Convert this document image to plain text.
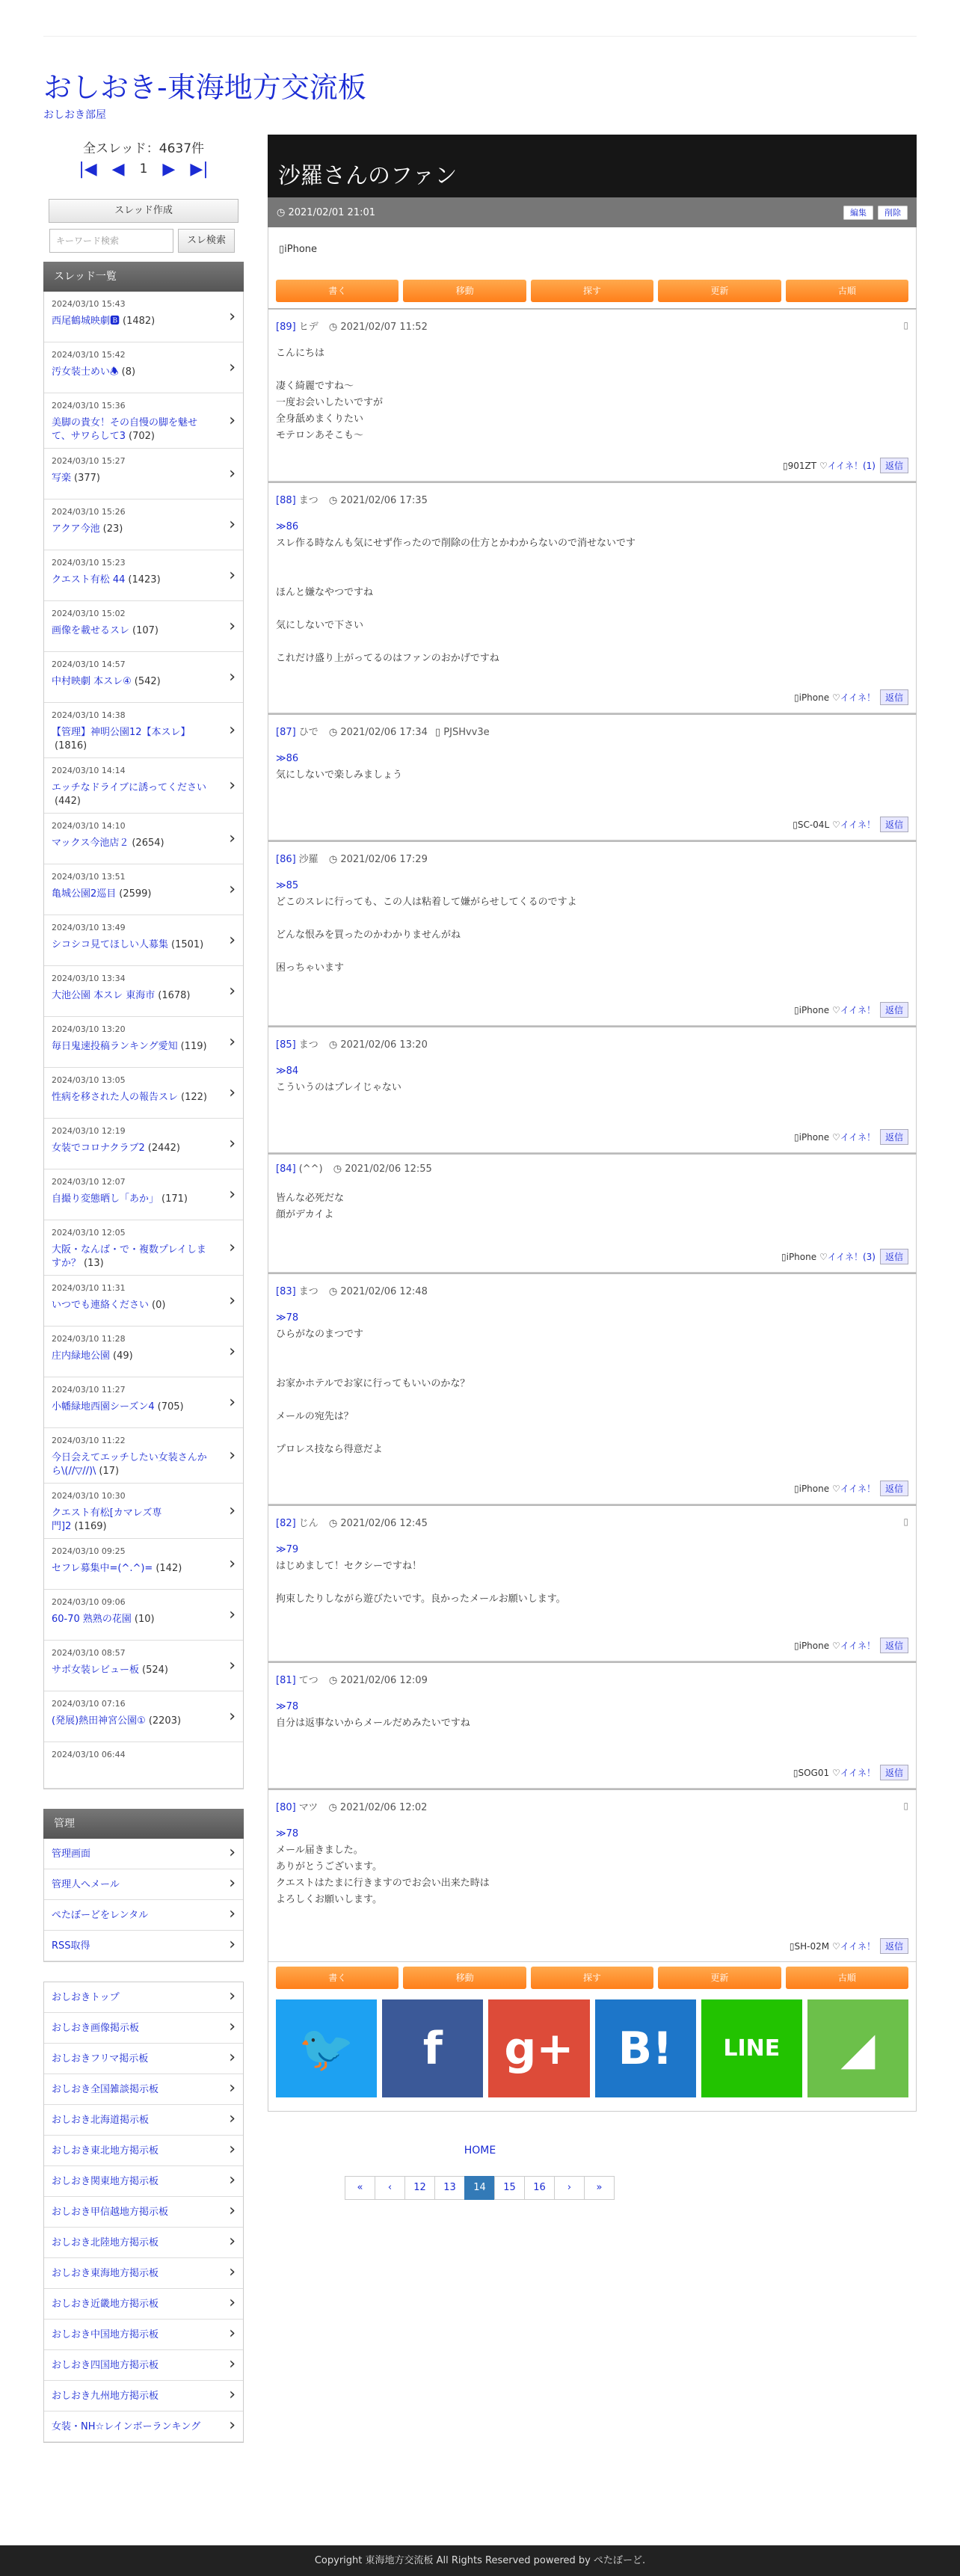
おしおき-東海地方交流板
おしおき部屋
全スレッド：4637件
|◀ ◀ 1 ▶ ▶|
スレッド作成
キーワード検索	スレ検索
スレッド一覧
2024/03/10 15:43
西尾鶴城映劇🅱 (1482)	›
2024/03/10 15:42
汚女装士めい🕭 (8)	›
2024/03/10 15:36
美脚の貴女！その自慢の脚を魅せて、サワらして3 (702)
›
2024/03/10 15:27
写楽 (377)	›
2024/03/10 15:26
アクア今池 (23)	›
2024/03/10 15:23
クエスト有松 44 (1423)	›
2024/03/10 15:02
画像を載せるスレ (107)	›
2024/03/10 14:57
中村映劇 本スレ④ (542)	›
2024/03/10 14:38
【管理】神明公園12【本スレ】(1816)
›
2024/03/10 14:14
エッチなドライブに誘ってください(442)
›
2024/03/10 14:10
マックス今池店２ (2654)	›
2024/03/10 13:51
亀城公園2巡目 (2599)	›
2024/03/10 13:49
シコシコ見てほしい人募集 (1501)	›
2024/03/10 13:34
大池公園 本スレ 東海市 (1678)	›
2024/03/10 13:20
毎日鬼速投稿ランキング愛知 (119)	›
2024/03/10 13:05
性病を移された人の報告スレ (122)	›
2024/03/10 12:19
女装でコロナクラブ2 (2442)	›
2024/03/10 12:07
自撮り変態晒し「あか」 (171)	›
2024/03/10 12:05
大阪・なんば・で・複数プレイしますか？ (13)
›
2024/03/10 11:31
いつでも連絡ください (0)	›
2024/03/10 11:28
庄内緑地公園 (49)	›
2024/03/10 11:27
小幡緑地西園シーズン4 (705)	›
2024/03/10 11:22
今日会えてエッチしたい女装さんから\(//▽//)\ (17)
›
2024/03/10 10:30
クエスト有松[カマレズ専門]2 (1169)
›
2024/03/10 09:25
セフレ募集中=(^.^)= (142)	›
2024/03/10 09:06
60-70 熟熟の花園 (10)	›
2024/03/10 08:57
サポ女装レビュー板 (524)	›
2024/03/10 07:16
(発展)熱田神宮公園① (2203)	›
2024/03/10 06:44
管理
管理画面	›
管理人へメール	›
ぺたぼーどをレンタル	›
RSS取得	›
おしおきトップ	›
おしおき画像掲示板	›
おしおきフリマ掲示板	›
おしおき全国雑談掲示板	›
おしおき北海道掲示板	›
おしおき東北地方掲示板	›
おしおき関東地方掲示板	›
おしおき甲信越地方掲示板	›
おしおき北陸地方掲示板	›
おしおき東海地方掲示板	›
おしおき近畿地方掲示板	›
おしおき中国地方掲示板	›
おしおき四国地方掲示板	›
おしおき九州地方掲示板	›
女装・NH☆レインボーランキング ›
沙羅さんのファン
◷ 2021/02/01 21:01	編集 削除
▯iPhone
書く	移動	探す	更新	古順
[89] ヒデ ◷ 2021/02/07 11:52	▯
こんにちは

凄く綺麗ですね〜
一度お会いしたいですが
全身舐めまくりたい
モテロンあそこも〜
▯901ZT ♡イイネ！(1) 返信
[88] まつ ◷ 2021/02/06 17:35
≫86
スレ作る時なんも気にせず作ったので削除の仕方とかわからないので消せないです

ほんと嫌なやつですね

気にしないで下さい

これだけ盛り上がってるのはファンのおかげですね
▯iPhone ♡イイネ！ 返信
[87] ひで ◷ 2021/02/06 17:34 ▯ PJSHvv3e
≫86
気にしないで楽しみましょう
▯SC-04L ♡イイネ！ 返信
[86] 沙羅 ◷ 2021/02/06 17:29
≫85
どこのスレに行っても、この人は粘着して嫌がらせしてくるのですよ

どんな恨みを買ったのかわかりませんがね

困っちゃいます
▯iPhone ♡イイネ！ 返信
[85] まつ ◷ 2021/02/06 13:20
≫84
こういうのはプレイじゃない
▯iPhone ♡イイネ！ 返信
[84] (^^) ◷ 2021/02/06 12:55
皆んな必死だな
顔がデカイよ
▯iPhone ♡イイネ！(3) 返信
[83] まつ ◷ 2021/02/06 12:48
≫78
ひらがなのまつです

お家かホテルでお家に行ってもいいのかな？

メールの宛先は？

プロレス技なら得意だよ
▯iPhone ♡イイネ！ 返信
[82] じん ◷ 2021/02/06 12:45	▯
≫79
はじめまして！セクシーですね！

拘束したりしながら遊びたいです。良かったメールお願いします。
▯iPhone ♡イイネ！ 返信
[81] てつ ◷ 2021/02/06 12:09
≫78
自分は返事ないからメールだめみたいですね
▯SOG01 ♡イイネ！ 返信
[80] マツ ◷ 2021/02/06 12:02	▯
≫78
メール届きました。
ありがとうございます。
クエストはたまに行きますのでお会い出来た時は
よろしくお願いします。
▯SH-02M ♡イイネ！ 返信
書く	移動	探す	更新	古順
🐦	f	g+ B!	LINE	◢
HOME
«	‹	12	13	14	15	16	›	»
Copyright 東海地方交流板 All Rights Reserved powered by ぺたぼーど.
